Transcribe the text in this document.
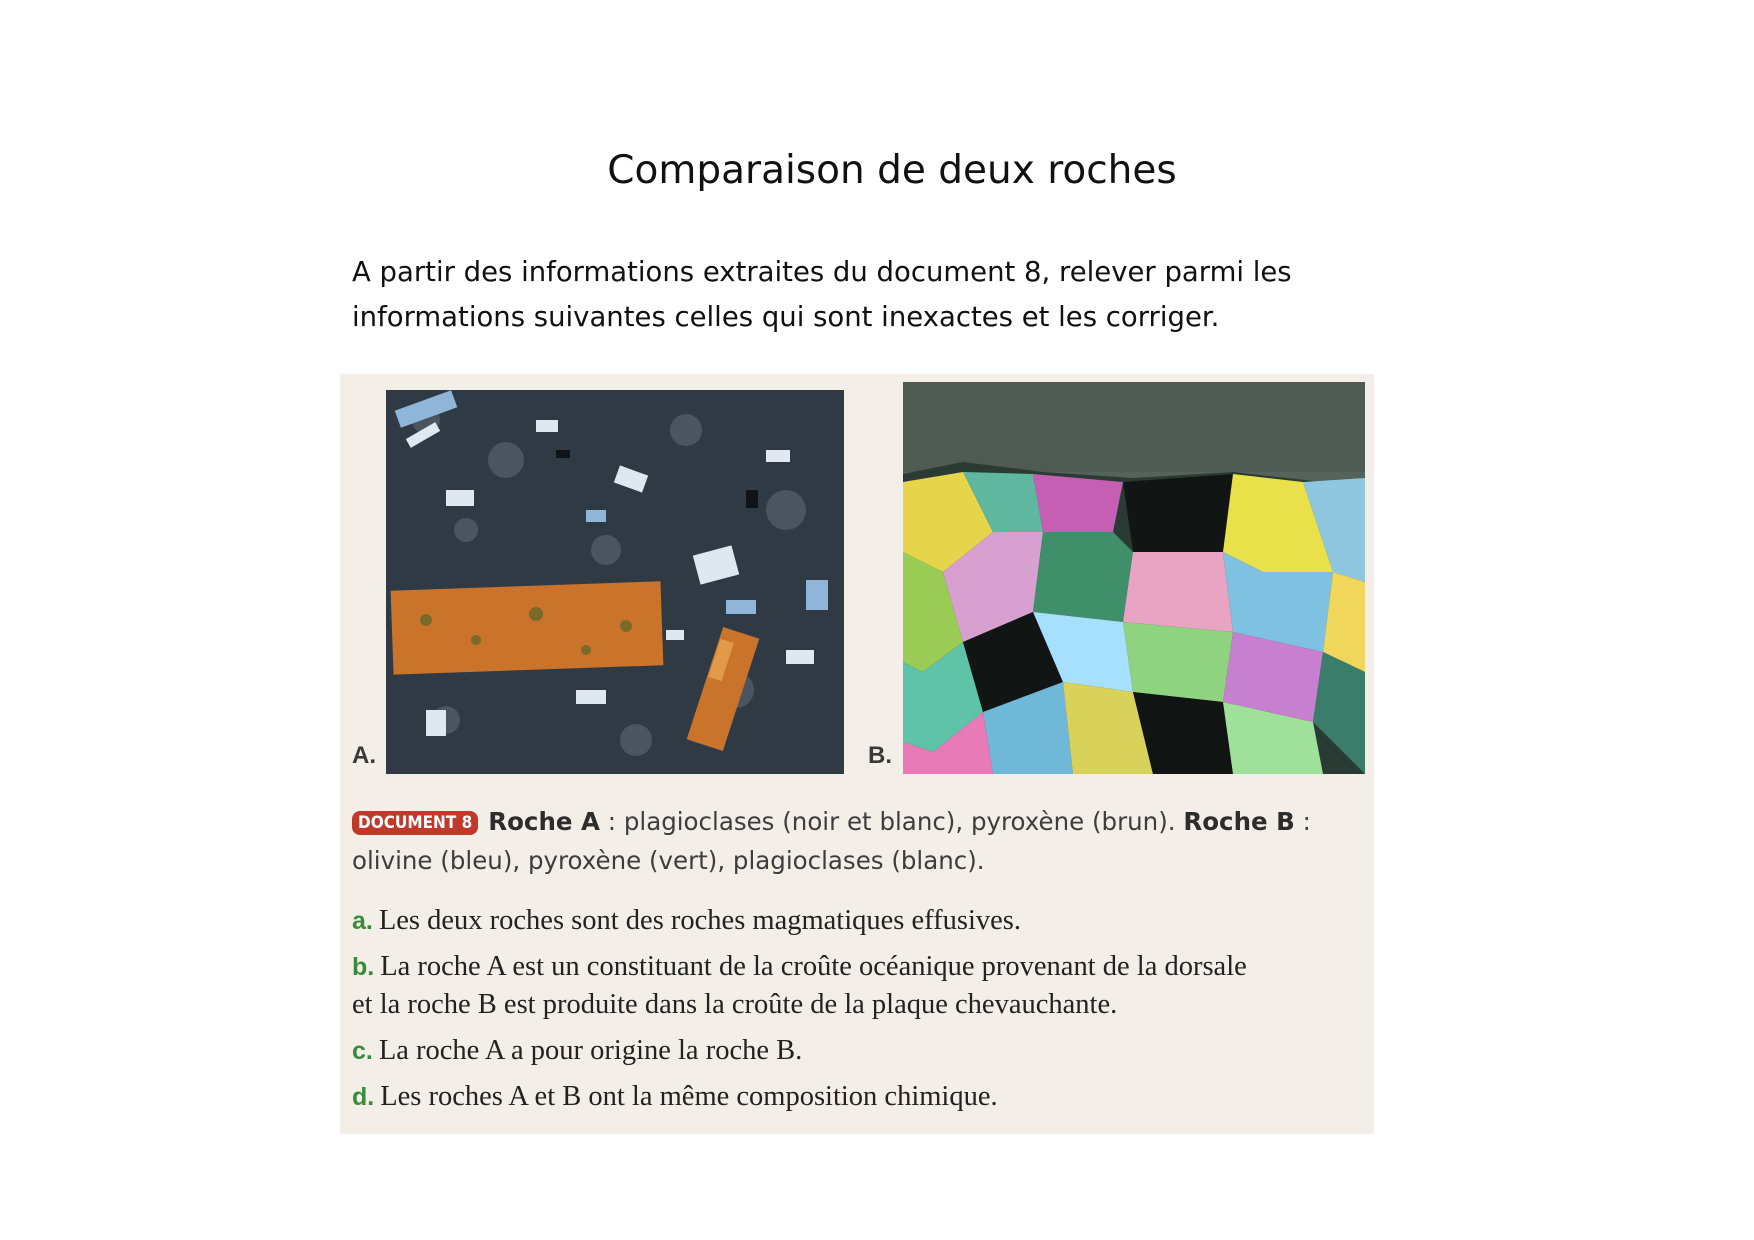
Comparaison de deux roches
A partir des informations extraites du document 8, relever parmi les
informations suivantes celles qui sont inexactes et les corriger.
A.	B.
DOCUMENT 8 Roche A : plagioclases (noir et blanc), pyroxène (brun). Roche B :
olivine (bleu), pyroxène (vert), plagioclases (blanc).
a. Les deux roches sont des roches magmatiques effusives.
b. La roche A est un constituant de la croûte océanique provenant de la dorsale
et la roche B est produite dans la croûte de la plaque chevauchante.
c. La roche A a pour origine la roche B.
d. Les roches A et B ont la même composition chimique.
